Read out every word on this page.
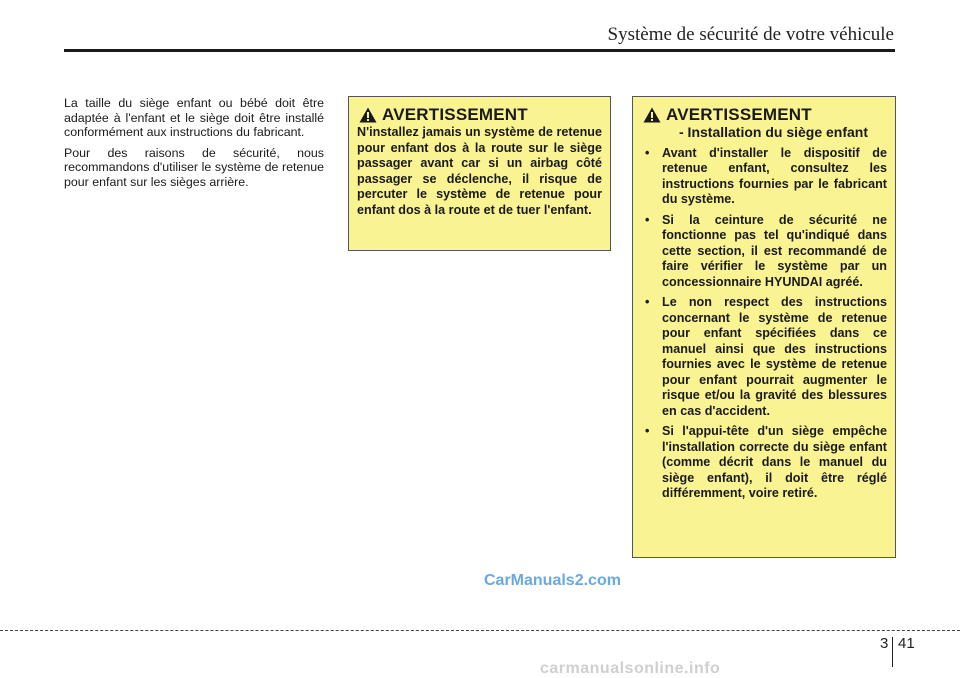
Système de sécurité de votre véhicule

La taille du siège enfant ou bébé doit être adaptée à l'enfant et le siège doit être installé conformément aux instructions du fabricant.

Pour des raisons de sécurité, nous recommandons d'utiliser le système de retenue pour enfant sur les sièges arrière.

AVERTISSEMENT
N'installez jamais un système de retenue pour enfant dos à la route sur le siège passager avant car si un airbag côté passager se déclenche, il risque de percuter le système de retenue pour enfant dos à la route et de tuer l'enfant.
AVERTISSEMENT
- Installation du siège enfant
• Avant d'installer le dispositif de retenue enfant, consultez les instructions fournies par le fabricant du système.
• Si la ceinture de sécurité ne fonctionne pas tel qu'indiqué dans cette section, il est recommandé de faire vérifier le système par un concessionnaire HYUNDAI agréé.
• Le non respect des instructions concernant le système de retenue pour enfant spécifiées dans ce manuel ainsi que des instructions fournies avec le système de retenue pour enfant pourrait augmenter le risque et/ou la gravité des blessures en cas d'accident.
• Si l'appui-tête d'un siège empêche l'installation correcte du siège enfant (comme décrit dans le manuel du siège enfant), il doit être réglé différemment, voire retiré.
CarManuals2.com
3 41
carmanualsonline.info
